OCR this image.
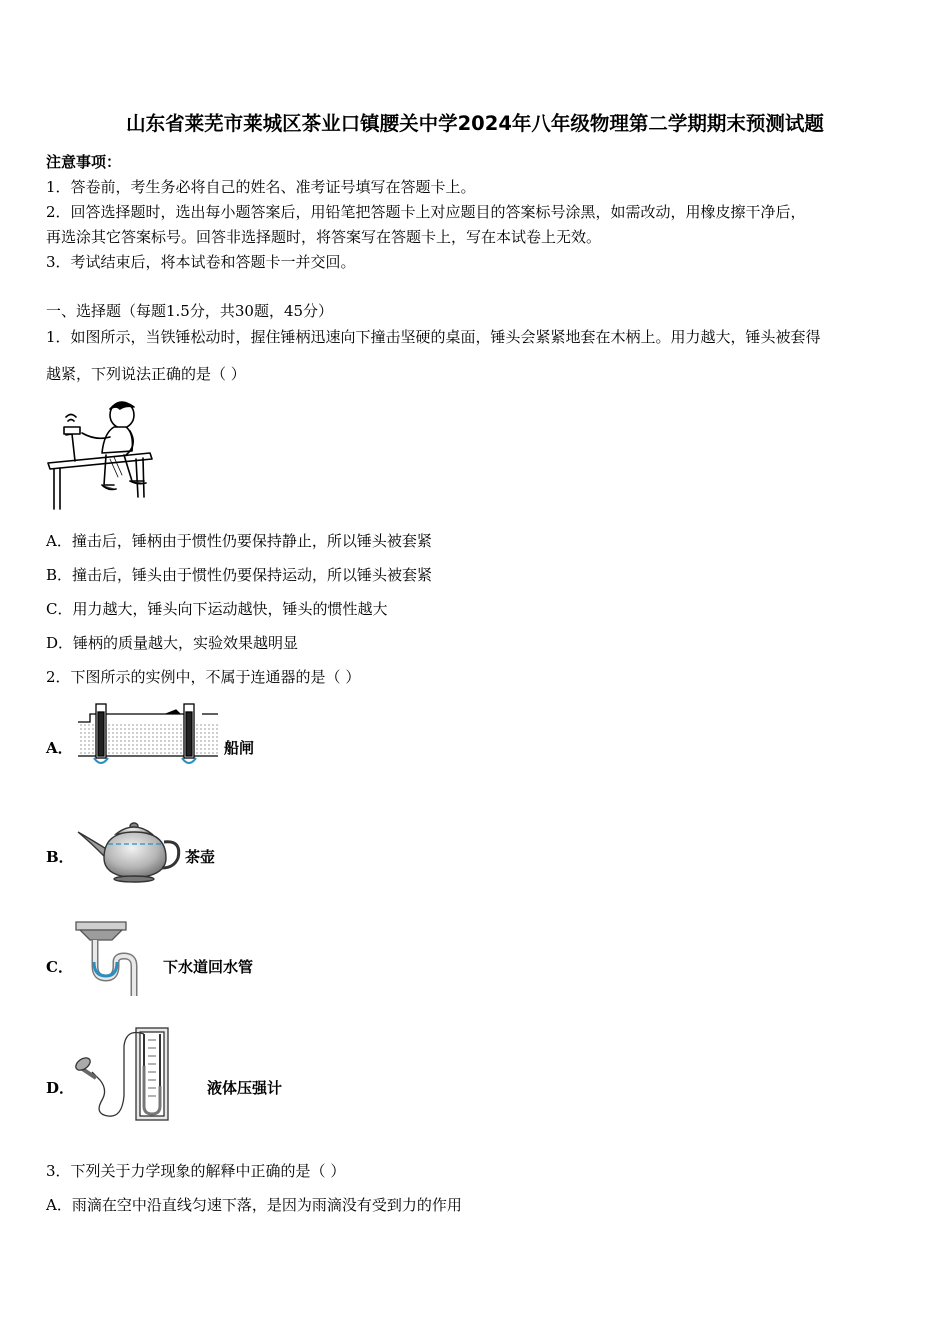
山东省莱芜市莱城区茶业口镇腰关中学2024年八年级物理第二学期期末预测试题
注意事项：
1．答卷前，考生务必将自己的姓名、准考证号填写在答题卡上。
2．回答选择题时，选出每小题答案后，用铅笔把答题卡上对应题目的答案标号涂黑，如需改动，用橡皮擦干净后，
再选涂其它答案标号。回答非选择题时，将答案写在答题卡上，写在本试卷上无效。
3．考试结束后，将本试卷和答题卡一并交回。
一、选择题（每题1.5分，共30题，45分）
1．如图所示，当铁锤松动时，握住锤柄迅速向下撞击坚硬的桌面，锤头会紧紧地套在木柄上。用力越大，锤头被套得
越紧，下列说法正确的是（ ）
A．撞击后，锤柄由于惯性仍要保持静止，所以锤头被套紧
B．撞击后，锤头由于惯性仍要保持运动，所以锤头被套紧
C．用力越大，锤头向下运动越快，锤头的惯性越大
D．锤柄的质量越大，实验效果越明显
2．下图所示的实例中，不属于连通器的是（ ）
A．	船闸
B．	茶壶
C．	下水道回水管
D．	液体压强计
3．下列关于力学现象的解释中正确的是（ ）
A．雨滴在空中沿直线匀速下落，是因为雨滴没有受到力的作用
